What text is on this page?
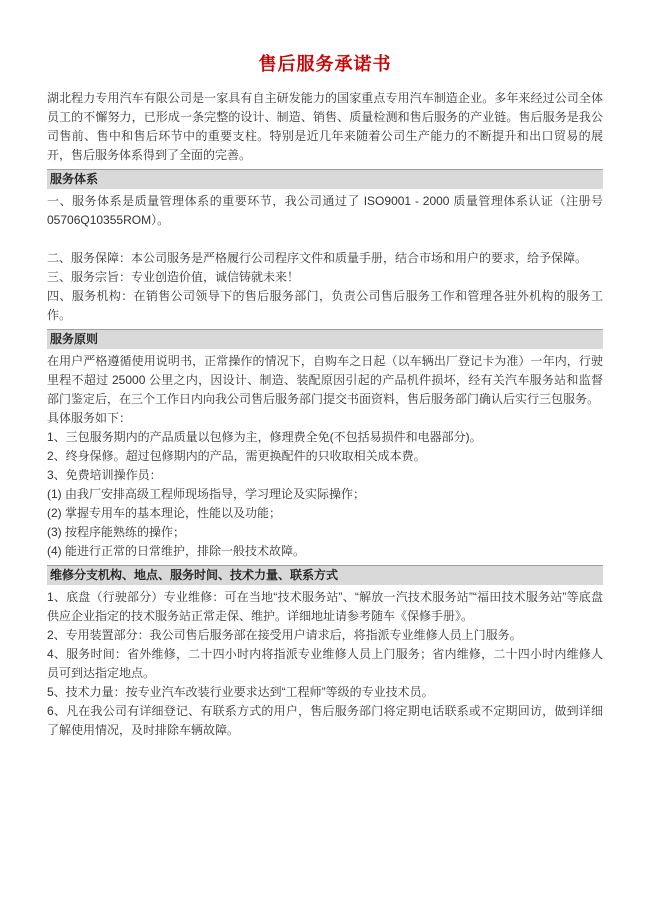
售后服务承诺书

湖北程力专用汽车有限公司是一家具有自主研发能力的国家重点专用汽车制造企业。多年来经过公司全体员工的不懈努力，已形成一条完整的设计、制造、销售、质量检测和售后服务的产业链。售后服务是我公司售前、售中和售后环节中的重要支柱。特别是近几年来随着公司生产能力的不断提升和出口贸易的展开，售后服务体系得到了全面的完善。

服务体系

一、服务体系是质量管理体系的重要环节，我公司通过了 ISO9001 - 2000 质量管理体系认证（注册号 05706Q10355ROM）。

二、服务保障：本公司服务是严格履行公司程序文件和质量手册，结合市场和用户的要求，给予保障。

三、服务宗旨：专业创造价值，诚信铸就未来！

四、服务机构：在销售公司领导下的售后服务部门，负责公司售后服务工作和管理各驻外机构的服务工作。

服务原则

在用户严格遵循使用说明书，正常操作的情况下，自购车之日起（以车辆出厂登记卡为准）一年内，行驶里程不超过 25000 公里之内，因设计、制造、装配原因引起的产品机件损坏，经有关汽车服务站和监督部门鉴定后，在三个工作日内向我公司售后服务部门提交书面资料，售后服务部门确认后实行三包服务。

具体服务如下：

1、三包服务期内的产品质量以包修为主，修理费全免(不包括易损件和电器部分)。

2、终身保修。超过包修期内的产品，需更换配件的只收取相关成本费。

3、免费培训操作员：

(1) 由我厂安排高级工程师现场指导，学习理论及实际操作；

(2) 掌握专用车的基本理论，性能以及功能；

(3) 按程序能熟练的操作；

(4) 能进行正常的日常维护，排除一般技术故障。

维修分支机构、地点、服务时间、技术力量、联系方式

1、底盘（行驶部分）专业维修：可在当地“技术服务站”、“解放一汽技术服务站”“福田技术服务站”等底盘供应企业指定的技术服务站正常走保、维护。详细地址请参考随车《保修手册》。

2、专用装置部分：我公司售后服务部在接受用户请求后，将指派专业维修人员上门服务。

4、服务时间：省外维修，二十四小时内将指派专业维修人员上门服务；省内维修，二十四小时内维修人员可到达指定地点。

5、技术力量：按专业汽车改装行业要求达到“工程师”等级的专业技术员。

6、凡在我公司有详细登记、有联系方式的用户，售后服务部门将定期电话联系或不定期回访，做到详细了解使用情况，及时排除车辆故障。
